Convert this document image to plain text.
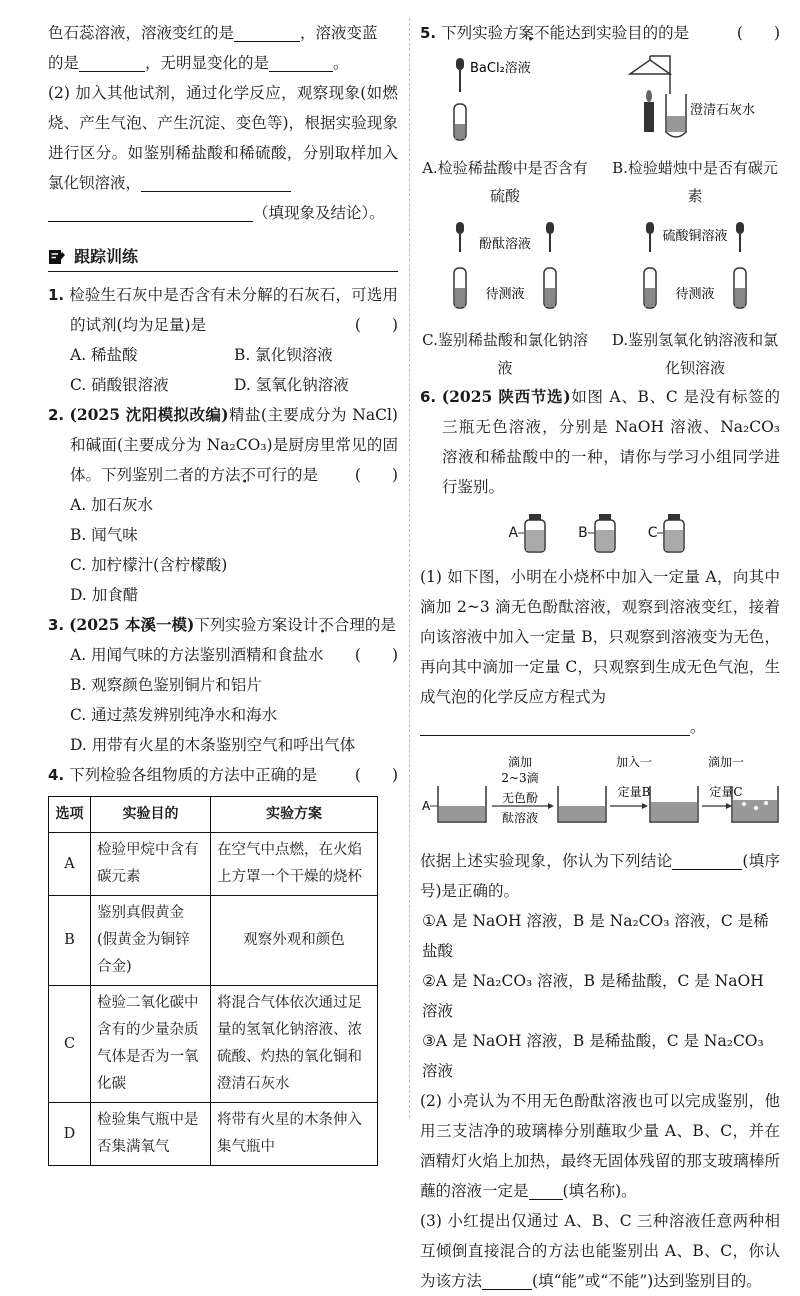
色石蕊溶液，溶液变红的是	，溶液变蓝
的是	，无明显变化的是	。
(2) 加入其他试剂，通过化学反应，观察现象(如燃烧、产生气泡、产生沉淀、变色等)，根据实验现象进行区分。如鉴别稀盐酸和稀硫酸，分别取样加入氯化钡溶液，
（填现象及结论）。
跟踪训练
1. 检验生石灰中是否含有未分解的石灰石，可选用的试剂(均为足量)是	(　　)
A. 稀盐酸	B. 氯化钡溶液
C. 硝酸银溶液	D. 氢氧化钠溶液
2. (2025 沈阳模拟改编)精盐(主要成分为 NaCl)和碱面(主要成分为 Na₂CO₃)是厨房里常见的固体。下列鉴别二者的方法不可行的是 (　　)
A. 加石灰水
B. 闻气味
C. 加柠檬汁(含柠檬酸)
D. 加食醋
3. (2025 本溪一模)下列实验方案设计不合理的是
(　　)
A. 用闻气味的方法鉴别酒精和食盐水
B. 观察颜色鉴别铜片和铝片
C. 通过蒸发辨别纯净水和海水
D. 用带有火星的木条鉴别空气和呼出气体
4. 下列检验各组物质的方法中正确的是 (　　)
选项	实验目的	实验方案
A	检验甲烷中含有碳元素	在空气中点燃，在火焰上方罩一个干燥的烧杯
B	鉴别真假黄金(假黄金为铜锌合金)	观察外观和颜色
C	检验二氧化碳中含有的少量杂质气体是否为一氧化碳	将混合气体依次通过足量的氢氧化钠溶液、浓硫酸、灼热的氧化铜和澄清石灰水
D	检验集气瓶中是否集满氧气	将带有火星的木条伸入集气瓶中
5. 下列实验方案不能达到实验目的的是	(　　)
BaCl₂溶液
A.检验稀盐酸中是否含有硫酸
澄清石灰水
B.检验蜡烛中是否有碳元素
酚酞溶液
待测液
C.鉴别稀盐酸和氯化钠溶液
硫酸铜溶液
待测液
D.鉴别氢氧化钠溶液和氯化钡溶液
6. (2025 陕西节选)如图 A、B、C 是没有标签的三瓶无色溶液，分别是 NaOH 溶液、Na₂CO₃ 溶液和稀盐酸中的一种，请你与学习小组同学进行鉴别。
A	B	C
(1) 如下图，小明在小烧杯中加入一定量 A，向其中滴加 2~3 滴无色酚酞溶液，观察到溶液变红，接着向该溶液中加入一定量 B，只观察到溶液变为无色，再向其中滴加一定量 C，只观察到生成无色气泡，生成气泡的化学反应方程式为
。
A
滴加
2~3滴
无色酚
酞溶液
加入一
定量B
滴加一
定量C
依据上述实验现象，你认为下列结论	(填序号)是正确的。
①A 是 NaOH 溶液，B 是 Na₂CO₃ 溶液，C 是稀盐酸
②A 是 Na₂CO₃ 溶液，B 是稀盐酸，C 是 NaOH 溶液
③A 是 NaOH 溶液，B 是稀盐酸，C 是 Na₂CO₃ 溶液
(2) 小亮认为不用无色酚酞溶液也可以完成鉴别，他用三支洁净的玻璃棒分别蘸取少量 A、B、C，并在酒精灯火焰上加热，最终无固体残留的那支玻璃棒所蘸的溶液一定是 (填名称)。
(3) 小红提出仅通过 A、B、C 三种溶液任意两种相互倾倒直接混合的方法也能鉴别出 A、B、C，你认为该方法	(填“能”或“不能”)达到鉴别目的。
